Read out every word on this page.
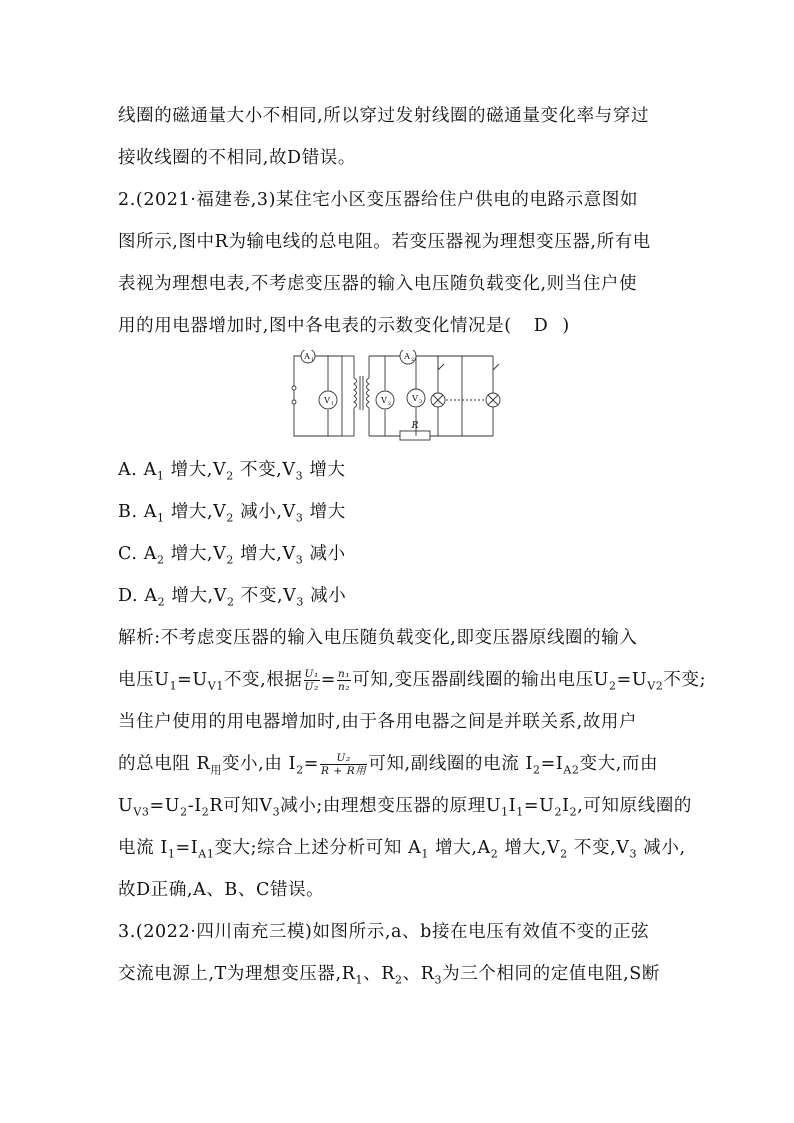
线圈的磁通量大小不相同,所以穿过发射线圈的磁通量变化率与穿过
接收线圈的不相同,故D错误。
2.(2021·福建卷,3)某住宅小区变压器给住户供电的电路示意图如
图所示,图中R为输电线的总电阻。若变压器视为理想变压器,所有电
表视为理想电表,不考虑变压器的输入电压随负载变化,则当住户使
用的用电器增加时,图中各电表的示数变化情况是( D )
A
V
A
V	V
R
1
1
2
2	3
A. $A_1$ 增大$,V_2$ 不变$,V_3$ 增大
B. $A_1$ 增大$,V_2$ 减小$,V_3$ 增大
C. $A_2$ 增大$,V_2$ 增大$,V_3$ 减小
D. $A_2$ 增大$,V_2$ 不变$,V_3$ 减小
解析:不考虑变压器的输入电压随负载变化,即变压器原线圈的输入
电压$U_1=U_{V1}$不变,根据 $\frac{\text{U₁}}{\text{U₂}} = \frac{\text{n₁}}{\text{n₂}}$ 可知,变压器副线圈的输出电压$U_2=U_{V2}$不变;
当住户使用的用电器增加时,由于各用电器之间是并联关系,故用户
的总电阻 $R_用$变小,由 $I_2= \frac{\text{U₂}}{\text{R + R用}}$ 可知,副线圈的电流 $I_2=I_{A2}$变大,而由
$U_{V3}=U_2-I_2R$可知$V_3$减小;由理想变压器的原理$U_1I_1=U_2I_2$,可知原线圈的
电流 $I_1=I_{A1}$变大;综合上述分析可知 $A_1$ 增大$,A_2$ 增大$,V_2$ 不变$,V_3$ 减小,
故D正确,A、B、C错误。
3.(2022·四川南充三模)如图所示,a、b接在电压有效值不变的正弦
交流电源上,T为理想变压器$,R_1$、$R_2$、$R_3$为三个相同的定值电阻,S断
